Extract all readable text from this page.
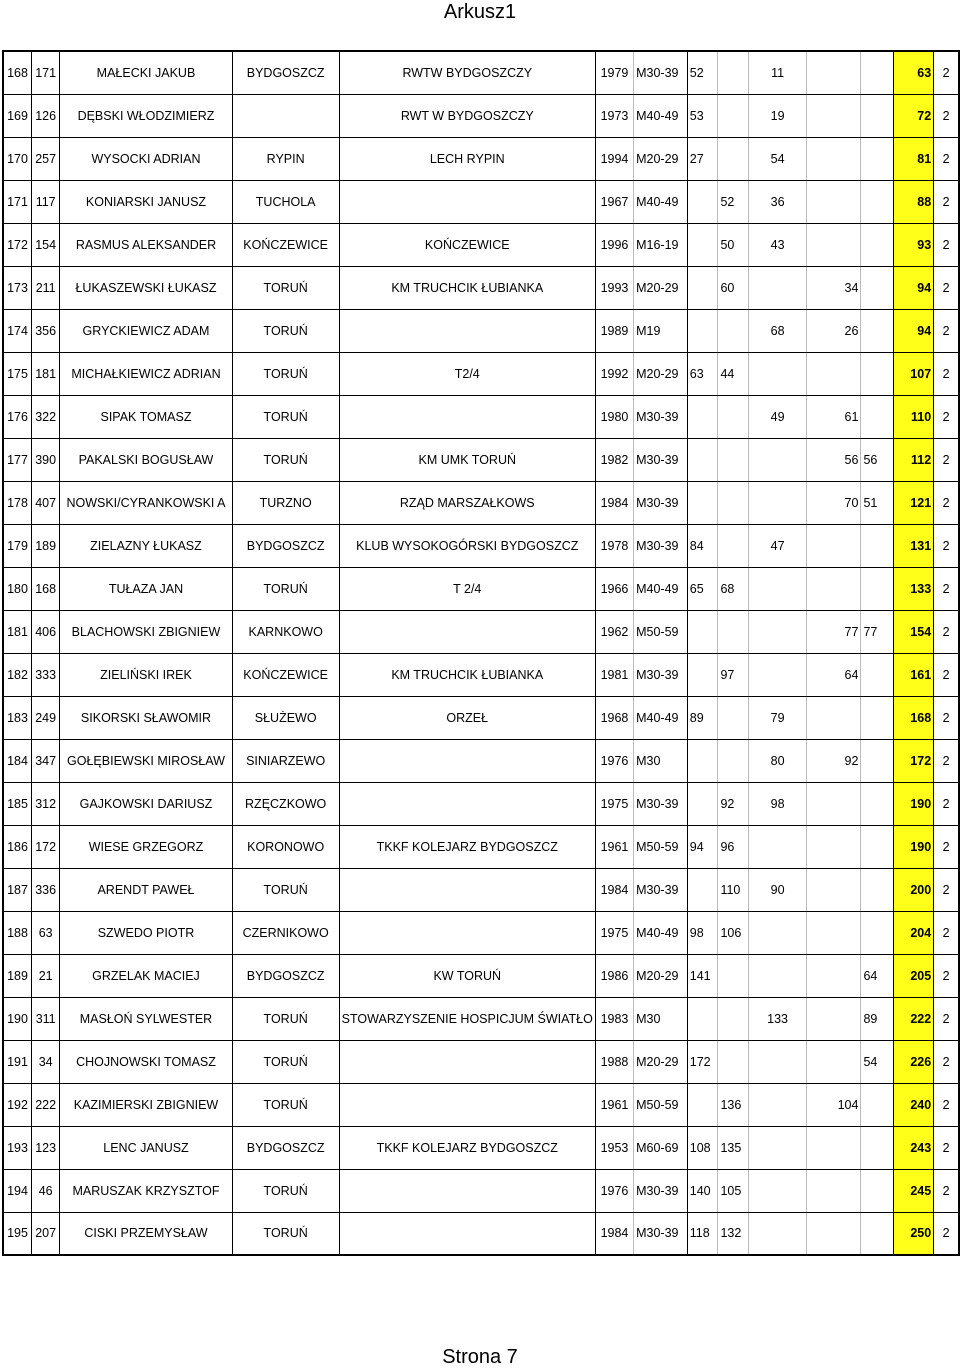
Arkusz1
168	171	MAŁECKI JAKUB	BYDGOSZCZ	RWTW BYDGOSZCZY	1979	M30-39	52		11			63	2
169	126	DĘBSKI WŁODZIMIERZ		RWT W BYDGOSZCZY	1973	M40-49	53		19			72	2
170	257	WYSOCKI ADRIAN	RYPIN	LECH RYPIN	1994	M20-29	27		54			81	2
171	117	KONIARSKI JANUSZ	TUCHOLA		1967	M40-49		52	36			88	2
172	154	RASMUS ALEKSANDER	KOŃCZEWICE	KOŃCZEWICE	1996	M16-19		50	43			93	2
173	211	ŁUKASZEWSKI ŁUKASZ	TORUŃ	KM TRUCHCIK ŁUBIANKA	1993	M20-29		60		34		94	2
174	356	GRYCKIEWICZ ADAM	TORUŃ		1989	M19			68	26		94	2
175	181	MICHAŁKIEWICZ ADRIAN	TORUŃ	T2/4	1992	M20-29	63	44				107	2
176	322	SIPAK TOMASZ	TORUŃ		1980	M30-39			49	61		110	2
177	390	PAKALSKI BOGUSŁAW	TORUŃ	KM UMK TORUŃ	1982	M30-39				56	56	112	2
178	407	NOWSKI/CYRANKOWSKI A	TURZNO	RZĄD MARSZAŁKOWS	1984	M30-39				70	51	121	2
179	189	ZIELAZNY ŁUKASZ	BYDGOSZCZ	KLUB WYSOKOGÓRSKI BYDGOSZCZ	1978	M30-39	84		47			131	2
180	168	TUŁAZA JAN	TORUŃ	T 2/4	1966	M40-49	65	68				133	2
181	406	BLACHOWSKI ZBIGNIEW	KARNKOWO		1962	M50-59				77	77	154	2
182	333	ZIELIŃSKI IREK	KOŃCZEWICE	KM TRUCHCIK ŁUBIANKA	1981	M30-39		97		64		161	2
183	249	SIKORSKI SŁAWOMIR	SŁUŻEWO	ORZEŁ	1968	M40-49	89		79			168	2
184	347	GOŁĘBIEWSKI MIROSŁAW	SINIARZEWO		1976	M30			80	92		172	2
185	312	GAJKOWSKI DARIUSZ	RZĘCZKOWO		1975	M30-39		92	98			190	2
186	172	WIESE GRZEGORZ	KORONOWO	TKKF KOLEJARZ BYDGOSZCZ	1961	M50-59	94	96				190	2
187	336	ARENDT PAWEŁ	TORUŃ		1984	M30-39		110	90			200	2
188	63	SZWEDO PIOTR	CZERNIKOWO		1975	M40-49	98	106				204	2
189	21	GRZELAK MACIEJ	BYDGOSZCZ	KW TORUŃ	1986	M20-29	141				64	205	2
190	311	MASŁOŃ SYLWESTER	TORUŃ	STOWARZYSZENIE HOSPICJUM ŚWIATŁO	1983	M30			133		89	222	2
191	34	CHOJNOWSKI TOMASZ	TORUŃ		1988	M20-29	172				54	226	2
192	222	KAZIMIERSKI ZBIGNIEW	TORUŃ		1961	M50-59		136		104		240	2
193	123	LENC JANUSZ	BYDGOSZCZ	TKKF KOLEJARZ BYDGOSZCZ	1953	M60-69	108	135				243	2
194	46	MARUSZAK KRZYSZTOF	TORUŃ		1976	M30-39	140	105				245	2
195	207	CISKI PRZEMYSŁAW	TORUŃ		1984	M30-39	118	132				250	2
Strona 7
